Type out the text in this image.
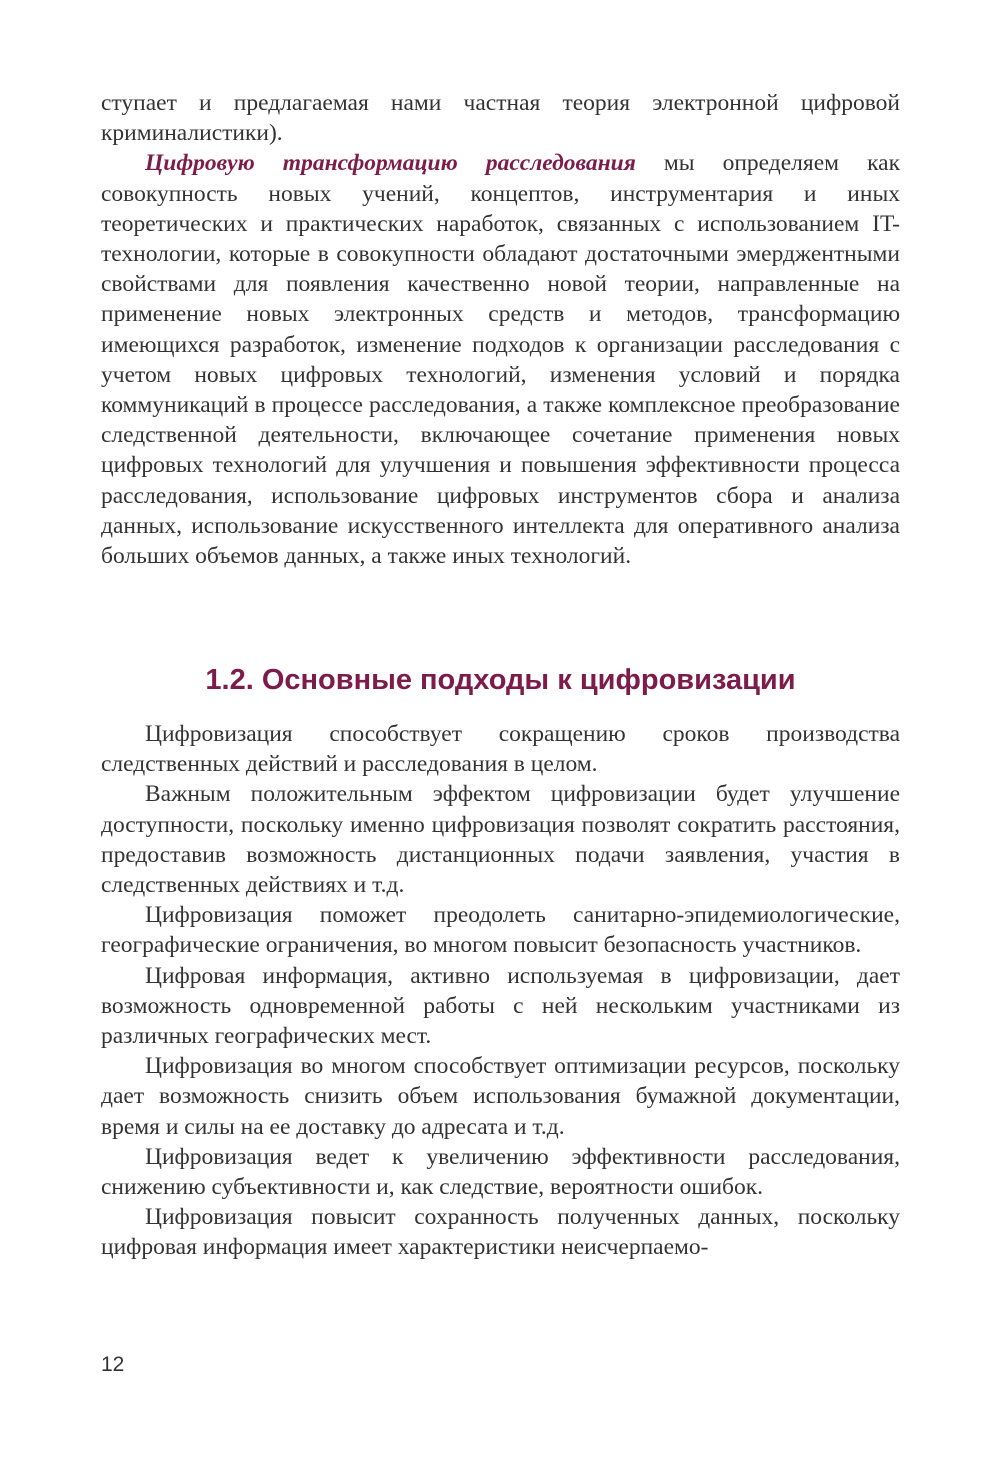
ступает и предлагаемая нами частная теория электронной цифровой криминалистики).

Цифровую трансформацию расследования мы определяем как совокупность новых учений, концептов, инструментария и иных теоретических и практических наработок, связанных с использованием IT-технологии, которые в совокупности обладают достаточными эмерджентными свойствами для появления качественно новой теории, направленные на применение новых электронных средств и методов, трансформацию имеющихся разработок, изменение подходов к организации расследования с учетом новых цифровых технологий, изменения условий и порядка коммуникаций в процессе расследования, а также комплексное преобразование следственной деятельности, включающее сочетание применения новых цифровых технологий для улучшения и повышения эффективности процесса расследования, использование цифровых инструментов сбора и анализа данных, использование искусственного интеллекта для оперативного анализа больших объемов данных, а также иных технологий.

1.2. Основные подходы к цифровизации

Цифровизация способствует сокращению сроков производства следственных действий и расследования в целом.

Важным положительным эффектом цифровизации будет улучшение доступности, поскольку именно цифровизация позволят сократить расстояния, предоставив возможность дистанционных подачи заявления, участия в следственных действиях и т.д.

Цифровизация поможет преодолеть санитарно-эпидемиологические, географические ограничения, во многом повысит безопасность участников.

Цифровая информация, активно используемая в цифровизации, дает возможность одновременной работы с ней нескольким участниками из различных географических мест.

Цифровизация во многом способствует оптимизации ресурсов, поскольку дает возможность снизить объем использования бумажной документации, время и силы на ее доставку до адресата и т.д.

Цифровизация ведет к увеличению эффективности расследования, снижению субъективности и, как следствие, вероятности ошибок.

Цифровизация повысит сохранность полученных данных, поскольку цифровая информация имеет характеристики неисчерпаемо-

12
